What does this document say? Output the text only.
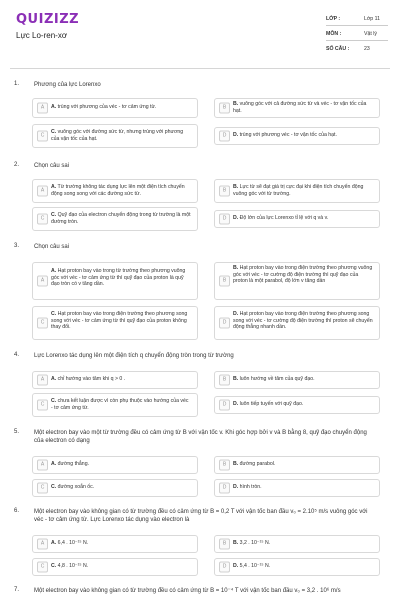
QUIZIZZ
Lực Lo-ren-xơ
LỚP :	Lớp 11
MÔN :	Vật lý
SỐ CÂU :	23
1. Phương của lực Lorenxo
A	A. trùng với phương của véc - tơ cảm ứng từ.	B
B. vuông góc với cả đường sức từ và véc - tơ vận tốc của hạt.
C
C. vuông góc với đường sức từ, nhưng trùng với phương của vận tốc của hạt.
D	D. trùng với phương véc - tơ vận tốc của hạt.
2. Chọn câu sai
A
A. Từ trường không tác dụng lực lên một điện tích chuyển động song song với các đường sức từ.
B
B. Lực từ sẽ đạt giá trị cực đại khi điện tích chuyển động vuông góc với từ trường.
C
C. Quỹ đạo của electron chuyển động trong từ trường là một đường tròn.
D	D. Độ lớn của lực Lorenxo tỉ lệ với q và v.
3. Chọn câu sai
A
A. Hạt proton bay vào trong từ trường theo phương vuông góc với véc - tơ cảm ứng từ thì quỹ đạo của proton là quỹ đạo tròn có v tăng dần.
B
B. Hạt proton bay vào trong điện trường theo phương vuông góc với véc - tơ cường độ điện trường thì quỹ đạo của proton là một parabol, độ lớn v tăng dần
C
C. Hạt proton bay vào trong điện trường theo phương song song với véc - tơ cảm ứng từ thì quỹ đạo của proton không thay đổi.
D
D. Hạt proton bay vào trong điện trường theo phương song song với véc - tơ cường độ điện trường thì proton sẽ chuyển động thẳng nhanh dần.
4. Lực Lorenxo tác dụng lên một điện tích q chuyển động tròn trong từ trường
A	A. chỉ hướng vào tâm khi q > 0 .	B	B. luôn hướng về tâm của quỹ đạo.
C
C. chưa kết luận được vì còn phụ thuộc vào hướng của véc - tơ cảm ứng từ.
D	D. luôn tiếp tuyến với quỹ đạo.
5. Một electron bay vào một từ trường đều có cảm ứng từ B với vận tốc v. Khi góc hợp bởi v và B bằng 8, quỹ đạo chuyển động của electron có dạng
A	A. đường thẳng.	B	B. đường parabol.
C	C. đường xoắn ốc.	D	D. hình tròn.
6. Một electron bay vào không gian có từ trường đều có cảm ứng từ B = 0,2 T với vận tốc ban đầu v₀ = 2.10⁵ m/s vuông góc với véc - tơ cảm ứng từ. Lực Lorenxo tác dụng vào electron là
A	A. 6,4 . 10⁻¹⁵ N.	B	B. 3,2 . 10⁻¹⁵ N.
C	C. 4,8 . 10⁻¹⁵ N.	D	D. 5,4 . 10⁻¹⁵ N.
7. Một electron bay vào không gian có từ trường đều có cảm ứng từ B = 10⁻⁴ T với vận tốc ban đầu v₀ = 3,2 . 10⁶ m/s
